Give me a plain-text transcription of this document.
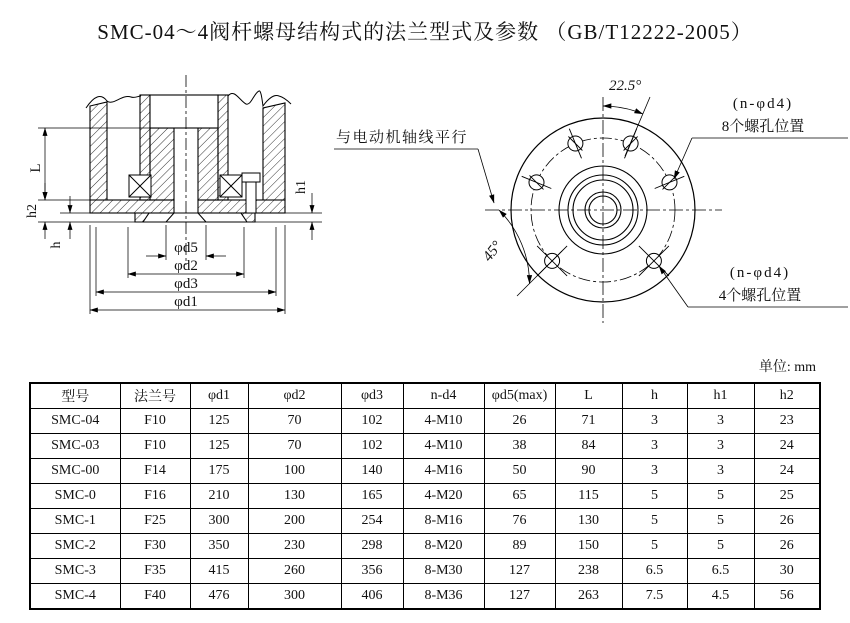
SMC-04～4阀杆螺母结构式的法兰型式及参数 （GB/T12222-2005）
L
h2
h
h1
φd5
φd2
φd3
φd1
22.5°
45°
与电动机轴线平行
(n-φd4)
8个螺孔位置
(n-φd4)
4个螺孔位置
单位: mm
型号	法兰号	φd1	φd2	φd3	n-d4	φd5(max)	L	h	h1	h2
SMC-04	F10	125	70	102	4-M10	26	71	3	3	23
SMC-03	F10	125	70	102	4-M10	38	84	3	3	24
SMC-00	F14	175	100	140	4-M16	50	90	3	3	24
SMC-0	F16	210	130	165	4-M20	65	115	5	5	25
SMC-1	F25	300	200	254	8-M16	76	130	5	5	26
SMC-2	F30	350	230	298	8-M20	89	150	5	5	26
SMC-3	F35	415	260	356	8-M30	127	238	6.5	6.5	30
SMC-4	F40	476	300	406	8-M36	127	263	7.5	4.5	56
